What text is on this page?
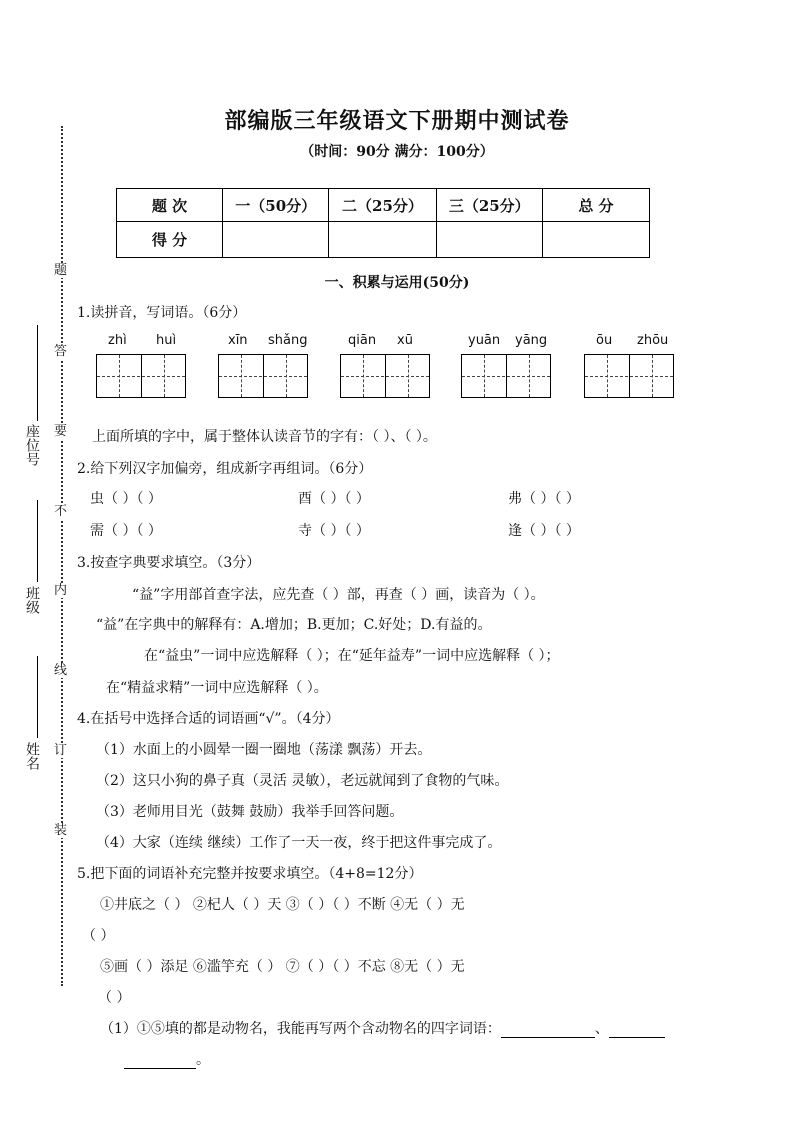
部编版三年级语文下册期中测试卷
（时间：90分 满分：100分）
题 次	一（50分）	二（25分）	三（25分）	总 分
得 分				
题
答
要
不
内
线
订
装
座位号
班级
姓名
一、积累与运用(50分)
1.读拼音，写词语。（6分）
zhì huì	xīn shǎng	qiān xū	yuān yāng	ōu zhōu
上面所填的字中，属于整体认读音节的字有：（ ）、（ ）。
2.给下列汉字加偏旁，组成新字再组词。（6分）
虫（ ）（ ）	酉（ ）（ ）	弗（ ）（ ）
需（ ）（ ）	寺（ ）（ ）	逢（ ）（ ）
3.按查字典要求填空。（3分）
“益”字用部首查字法，应先查（ ）部，再查（ ）画，读音为（ ）。
“益”在字典中的解释有：A.增加；B.更加；C.好处；D.有益的。
在“益虫”一词中应选解释（ ）；在“延年益寿”一词中应选解释（ ）；
在“精益求精”一词中应选解释（ ）。
4.在括号中选择合适的词语画“√”。（4分）
（1）水面上的小圆晕一圈一圈地（荡漾 飘荡）开去。
（2）这只小狗的鼻子真（灵活 灵敏），老远就闻到了食物的气味。
（3）老师用目光（鼓舞 鼓励）我举手回答问题。
（4）大家（连续 继续）工作了一天一夜，终于把这件事完成了。
5.把下面的词语补充完整并按要求填空。（4+8=12分）
①井底之（ ） ②杞人（ ）天 ③（ ）（ ）不断 ④无（ ）无
（ ）
⑤画（ ）添足 ⑥滥竽充（ ） ⑦（ ）（ ）不忘 ⑧无（ ）无
（ ）
（1）①⑤填的都是动物名，我能再写两个含动物名的四字词语：	、
。
